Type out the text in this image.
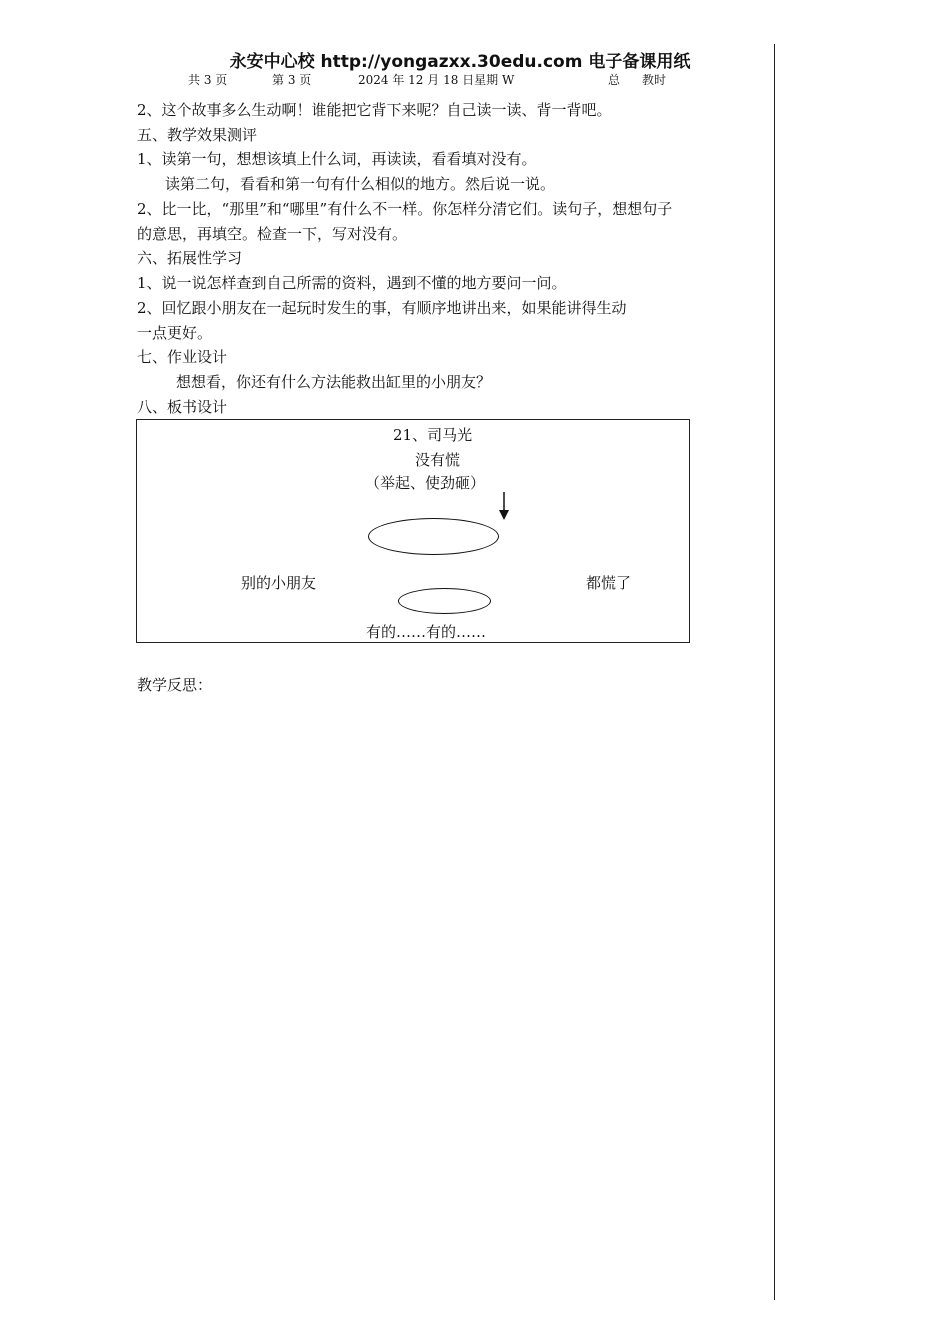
永安中心校 http://yongazxx.30edu.com 电子备课用纸
共 3 页	第 3 页	2024 年 12 月 18 日星期 W	总 教时
2、这个故事多么生动啊！谁能把它背下来呢？自己读一读、背一背吧。
五、教学效果测评
1、读第一句，想想该填上什么词，再读读，看看填对没有。
读第二句，看看和第一句有什么相似的地方。然后说一说。
2、比一比，“那里”和“哪里”有什么不一样。你怎样分清它们。读句子，想想句子
的意思，再填空。检查一下，写对没有。
六、拓展性学习
1、说一说怎样查到自己所需的资料，遇到不懂的地方要问一问。
2、回忆跟小朋友在一起玩时发生的事，有顺序地讲出来，如果能讲得生动
一点更好。
七、作业设计
想想看，你还有什么方法能救出缸里的小朋友？
八、板书设计
21、司马光
没有慌
（举起、使劲砸）
别的小朋友	都慌了
有的……有的……
教学反思：
